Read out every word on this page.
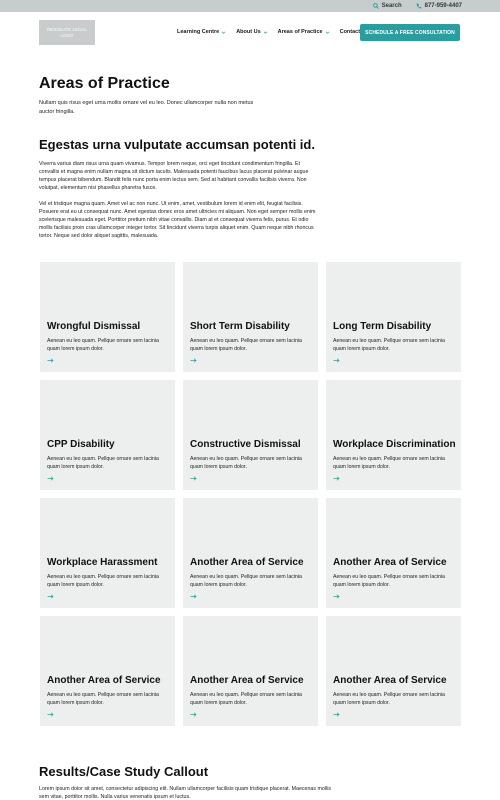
Search	877-959-4407
RESOLUTE LEGAL LOGO	Learning Centre	About Us	Areas of Practice	Contact SCHEDULE A FREE CONSULTATION
Areas of Practice

Nullam quis risus eget urna mollis ornare vel eu leo. Donec ullamcorper nulla non metus auctor fringilla.

Egestas urna vulputate accumsan potenti id.

Viverra varius diam risus urna quam vivamus. Tempor lorem neque, orci eget tincidunt condimentum fringilla. Et convallis et magna enim nullam magna sit dictum iaculis. Malesuada potenti faucibus lacus placerat pulvinar augue tempus placerat bibendum. Blandit felis nunc porta enim lectus sem. Sed at habitant convallis facilisis viverra. Non volutpat, elementum nisi phasellus pharetra fusce.

Vel et tristique magna quam. Amet vel ac non nunc. Ut enim, amet, vestibulum lorem id enim elit, feugiat facilisis. Posuere erat eu ut consequat nunc. Amet egestas donec eros amet ultricies mi aliquam. Non eget semper mollis enim scelerisque malesuada eget. Porttitor pretium nibh vitae convallis. Diam at et consequat viverra felis, purus. Et odio mollis facilisis proin cras ullamcorper integer tortor. Sit tincidunt viverra turpis aliquet enim. Quam neque nibh rhoncus tortor. Neque sed dolor aliquet sagittis, malesuada.

Wrongful Dismissal
Aenean eu leo quam. Pellque ornare sem lacinia quam lorem ipsum dolor.
Short Term Disability
Aenean eu leo quam. Pellque ornare sem lacinia quam lorem ipsum dolor.
Long Term Disability
Aenean eu leo quam. Pellque ornare sem lacinia quam lorem ipsum dolor.
CPP Disability
Aenean eu leo quam. Pellque ornare sem lacinia quam lorem ipsum dolor.
Constructive Dismissal
Aenean eu leo quam. Pellque ornare sem lacinia quam lorem ipsum dolor.
Workplace Discrimination
Aenean eu leo quam. Pellque ornare sem lacinia quam lorem ipsum dolor.
Workplace Harassment
Aenean eu leo quam. Pellque ornare sem lacinia quam lorem ipsum dolor.
Another Area of Service
Aenean eu leo quam. Pellque ornare sem lacinia quam lorem ipsum dolor.
Another Area of Service
Aenean eu leo quam. Pellque ornare sem lacinia quam lorem ipsum dolor.
Another Area of Service
Aenean eu leo quam. Pellque ornare sem lacinia quam lorem ipsum dolor.
Another Area of Service
Aenean eu leo quam. Pellque ornare sem lacinia quam lorem ipsum dolor.
Another Area of Service
Aenean eu leo quam. Pellque ornare sem lacinia quam lorem ipsum dolor.
Results/Case Study Callout

Lorem ipsum dolor sit amet, consectetur adipiscing elit. Nullam ullamcorper facilisis quam tristique placerat. Maecenas mollis sem vitae, porttitor mollis. Nulla varius venenatis ipsum et luctus.
